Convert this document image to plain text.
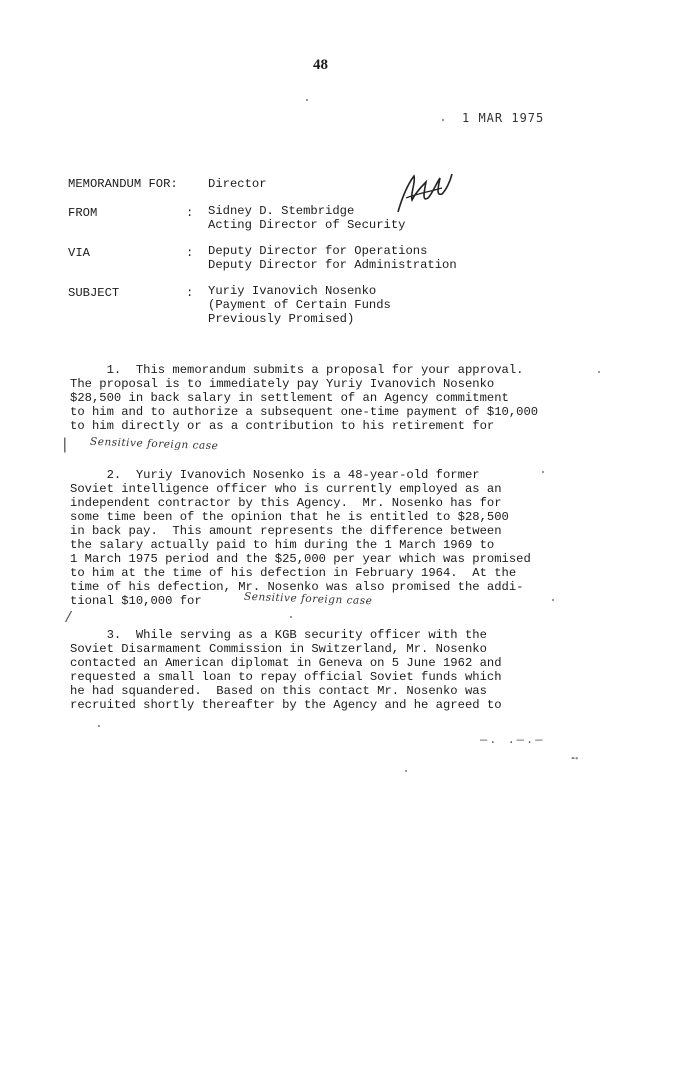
48
1 MAR 1975
MEMORANDUM FOR: Director
FROM	: Sidney D. Stembridge
Acting Director of Security
VIA	: Deputy Director for Operations
Deputy Director for Administration
SUBJECT	: Yuriy Ivanovich Nosenko
(Payment of Certain Funds
Previously Promised)
1.  This memorandum submits a proposal for your approval.
The proposal is to immediately pay Yuriy Ivanovich Nosenko
$28,500 in back salary in settlement of an Agency commitment
to him and to authorize a subsequent one-time payment of $10,000
to him directly or as a contribution to his retirement for
| Sensitive foreign case
2.  Yuriy Ivanovich Nosenko is a 48-year-old former
Soviet intelligence officer who is currently employed as an
independent contractor by this Agency.  Mr. Nosenko has for
some time been of the opinion that he is entitled to $28,500
in back pay.  This amount represents the difference between
the salary actually paid to him during the 1 March 1969 to
1 March 1975 period and the $25,000 per year which was promised
to him at the time of his defection in February 1964.  At the
time of his defection, Mr. Nosenko was also promised the addi-
tional $10,000 for	Sensitive foreign case
/
3.  While serving as a KGB security officer with the
Soviet Disarmament Commission in Switzerland, Mr. Nosenko
contacted an American diplomat in Geneva on 5 June 1962 and
requested a small loan to repay official Soviet funds which
he had squandered.  Based on this contact Mr. Nosenko was
recruited shortly thereafter by the Agency and he agreed to
—. .—.—
→
